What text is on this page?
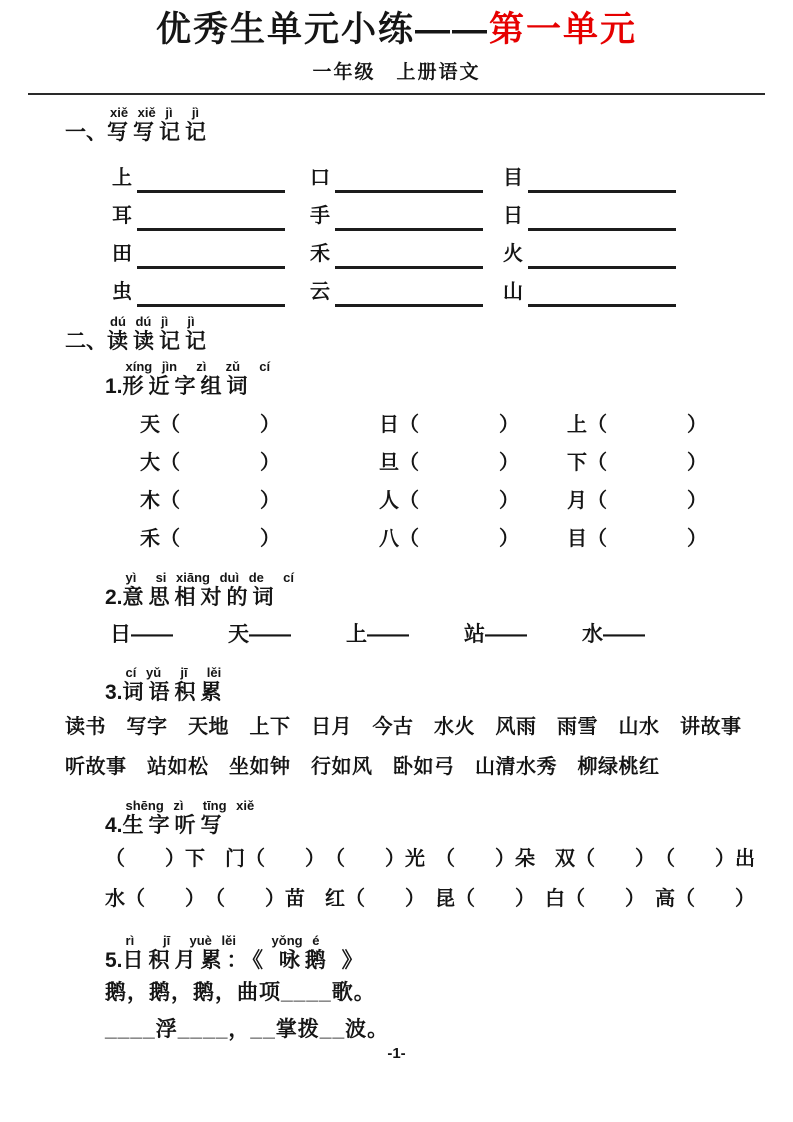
优秀生单元小练——第一单元
一年级　上册语文
一、
xiě xiě jì  jì
写写记记
上	口	目
耳	手	日
田	禾	火
虫	云	山
二、
dú dú jì  jì
读读记记
1.
xíng jìn  zì  zǔ  cí
形近字组词
天（　　　　）	日（　　　　）	上（　　　　）
大（　　　　）	旦（　　　　）	下（　　　　）
木（　　　　）	人（　　　　）	月（　　　　）
禾（　　　　）	八（　　　　）	目（　　　　）
2.
yì  si xiāng duì de  cí
意思相对的词
日——	天——	上——	站——	水——
3.
cí yǔ  jī  lěi
词语积累
读书　写字　天地　上下　日月　今古　水火　风雨　雨雪　山水　讲故事
听故事　站如松　坐如钟　行如风　卧如弓　山清水秀　柳绿桃红
4.
shēng zì  tīng xiě
生字听写
（　　）下　门（　　）　（　　）光　（　　）朵　双（　　）　（　　）出
水（　　）　（　　）苗　红（　　）　昆（　　）　白（　　）　高（　　）
5.
rì   jī  yuè lěi　　 yǒng é
日积月累：《 咏鹅 》
鹅，鹅，鹅，曲项____歌。
____浮____，__掌拨__波。
-1-
